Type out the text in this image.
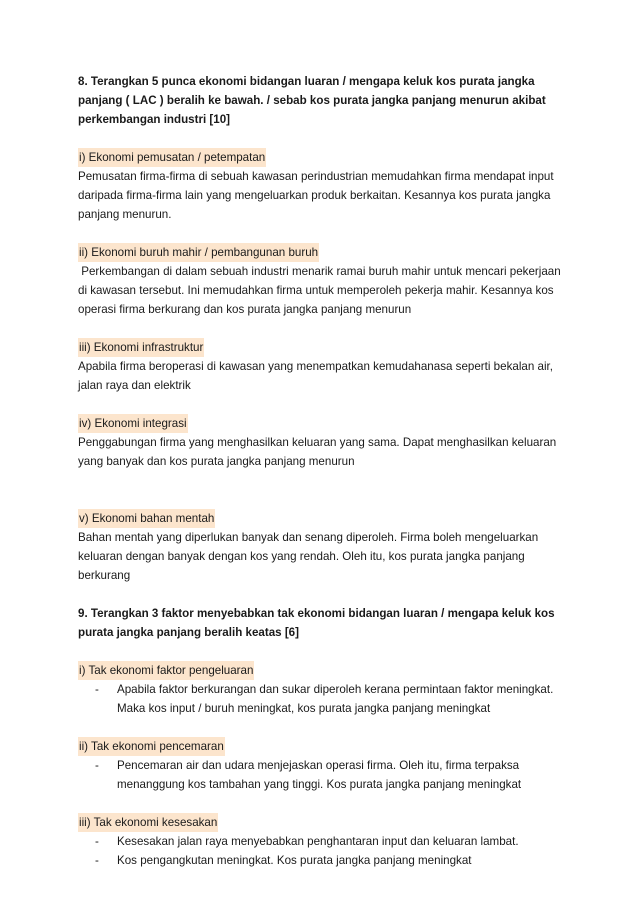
8. Terangkan 5 punca ekonomi bidangan luaran / mengapa keluk kos purata jangka panjang ( LAC ) beralih ke bawah. / sebab kos purata jangka panjang menurun akibat perkembangan industri [10]

i) Ekonomi pemusatan / petempatan

Pemusatan firma-firma di sebuah kawasan perindustrian memudahkan firma mendapat input daripada firma-firma lain yang mengeluarkan produk berkaitan. Kesannya kos purata jangka panjang menurun.

ii) Ekonomi buruh mahir / pembangunan buruh

Perkembangan di dalam sebuah industri menarik ramai buruh mahir untuk mencari pekerjaan di kawasan tersebut. Ini memudahkan firma untuk memperoleh pekerja mahir. Kesannya kos operasi firma berkurang dan kos purata jangka panjang menurun

iii) Ekonomi infrastruktur

Apabila firma beroperasi di kawasan yang menempatkan kemudahanasa seperti bekalan air, jalan raya dan elektrik

iv) Ekonomi integrasi

Penggabungan firma yang menghasilkan keluaran yang sama. Dapat menghasilkan keluaran yang banyak dan kos purata jangka panjang menurun

v) Ekonomi bahan mentah

Bahan mentah yang diperlukan banyak dan senang diperoleh. Firma boleh mengeluarkan keluaran dengan banyak dengan kos yang rendah. Oleh itu, kos purata jangka panjang berkurang

9. Terangkan 3 faktor menyebabkan tak ekonomi bidangan luaran / mengapa keluk kos purata jangka panjang beralih keatas [6]

i) Tak ekonomi faktor pengeluaran

- Apabila faktor berkurangan dan sukar diperoleh kerana permintaan faktor meningkat. Maka kos input / buruh meningkat, kos purata jangka panjang meningkat

ii) Tak ekonomi pencemaran

- Pencemaran air dan udara menjejaskan operasi firma. Oleh itu, firma terpaksa menanggung kos tambahan yang tinggi. Kos purata jangka panjang meningkat

iii) Tak ekonomi kesesakan

- Kesesakan jalan raya menyebabkan penghantaran input dan keluaran lambat.
- Kos pengangkutan meningkat. Kos purata jangka panjang meningkat
